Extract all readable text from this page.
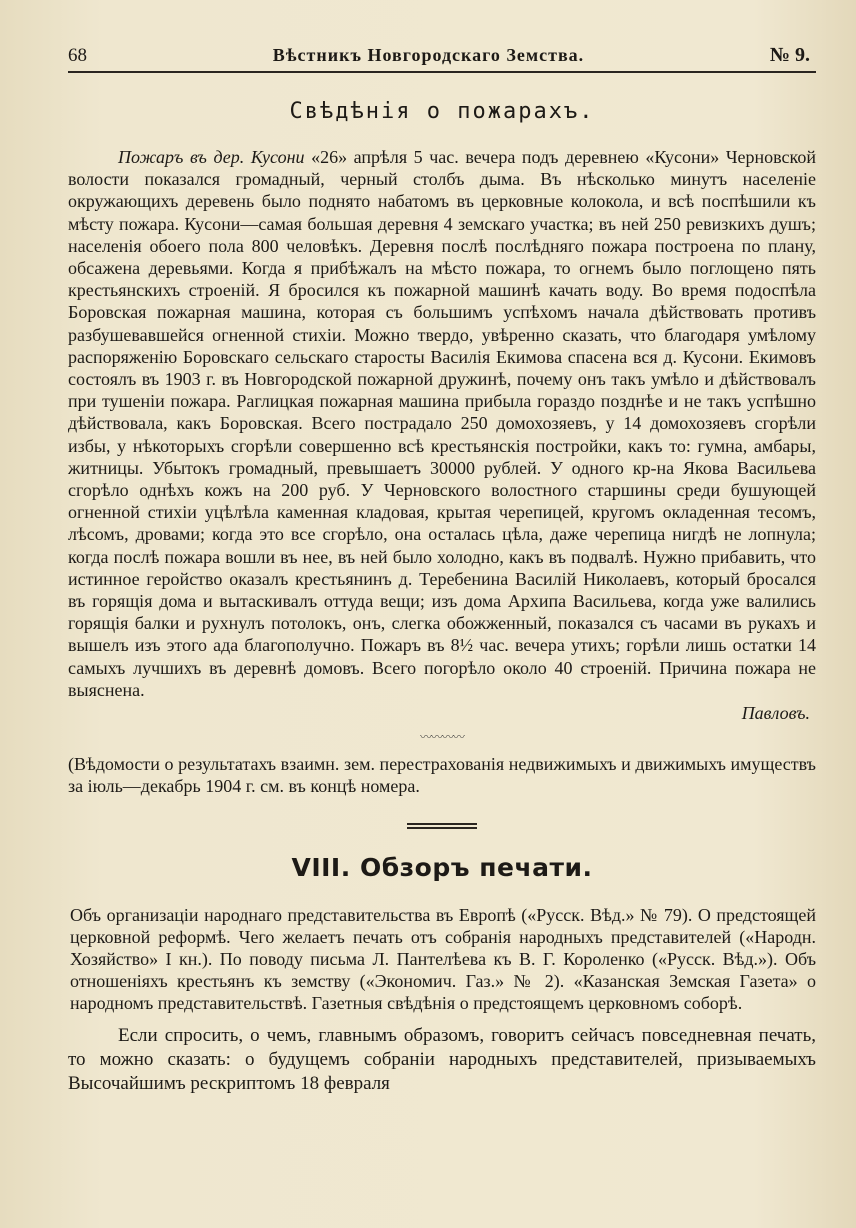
68	Вѣстникъ Новгородскаго Земства.	№ 9.
Свѣдѣнія о пожарахъ.

Пожаръ въ дер. Кусони «26» апрѣля 5 час. вечера подъ деревнею «Кусони» Черновской волости показался громадный, черный столбъ дыма. Въ нѣсколько минутъ населеніе окружающихъ деревень было поднято набатомъ въ церковные колокола, и всѣ поспѣшили къ мѣсту пожара. Кусони—самая большая деревня 4 земскаго участка; въ ней 250 ревизкихъ душъ; населенія обоего пола 800 человѣкъ. Деревня послѣ послѣдняго пожара построена по плану, обсажена деревьями. Когда я прибѣжалъ на мѣсто пожара, то огнемъ было поглощено пять крестьянскихъ строеній. Я бросился къ пожарной машинѣ качать воду. Во время подоспѣла Боровская пожарная машина, которая съ большимъ успѣхомъ начала дѣйствовать противъ разбушевавшейся огненной стихіи. Можно твердо, увѣренно сказать, что благодаря умѣлому распоряженію Боровскаго сельскаго старосты Василія Екимова спасена вся д. Кусони. Екимовъ состоялъ въ 1903 г. въ Новгородской пожарной дружинѣ, почему онъ такъ умѣло и дѣйствовалъ при тушеніи пожара. Раглицкая пожарная машина прибыла гораздо позднѣе и не такъ успѣшно дѣйствовала, какъ Боровская. Всего пострадало 250 домохозяевъ, у 14 домохозяевъ сгорѣли избы, у нѣкоторыхъ сгорѣли совершенно всѣ крестьянскія постройки, какъ то: гумна, амбары, житницы. Убытокъ громадный, превышаетъ 30000 рублей. У одного кр-на Якова Васильева сгорѣло однѣхъ кожъ на 200 руб. У Черновского волостного старшины среди бушующей огненной стихіи уцѣлѣла каменная кладовая, крытая черепицей, кругомъ окладенная тесомъ, лѣсомъ, дровами; когда это все сгорѣло, она осталась цѣла, даже черепица нигдѣ не лопнула; когда послѣ пожара вошли въ нее, въ ней было холодно, какъ въ подвалѣ. Нужно прибавить, что истинное геройство оказалъ крестьянинъ д. Теребенина Василій Николаевъ, который бросался въ горящія дома и вытаскивалъ оттуда вещи; изъ дома Архипа Васильева, когда уже валились горящія балки и рухнулъ потолокъ, онъ, слегка обожженный, показался съ часами въ рукахъ и вышелъ изъ этого ада благополучно. Пожаръ въ 8½ час. вечера утихъ; горѣли лишь остатки 14 самыхъ лучшихъ въ деревнѣ домовъ. Всего погорѣло около 40 строеній. Причина пожара не выяснена.

Павловъ.
〰〰〰〰

(Вѣдомости о результатахъ взаимн. зем. перестрахованія недвижимыхъ и движимыхъ имуществъ за іюль—декабрь 1904 г. см. въ концѣ номера.

VIII. Обзоръ печати.

Объ организаціи народнаго представительства въ Европѣ («Русск. Вѣд.» № 79). О предстоящей церковной реформѣ. Чего желаетъ печать отъ собранія народныхъ представителей («Народн. Хозяйство» I кн.). По поводу письма Л. Пантелѣева къ В. Г. Короленко («Русск. Вѣд.»). Объ отношеніяхъ крестьянъ къ земству («Экономич. Газ.» № 2). «Казанская Земская Газета» о народномъ представительствѣ. Газетныя свѣдѣнія о предстоящемъ церковномъ соборѣ.

Если спросить, о чемъ, главнымъ образомъ, говоритъ сейчасъ повседневная печать, то можно сказать: о будущемъ собраніи народныхъ представителей, призываемыхъ Высочайшимъ рескриптомъ 18 февраля
